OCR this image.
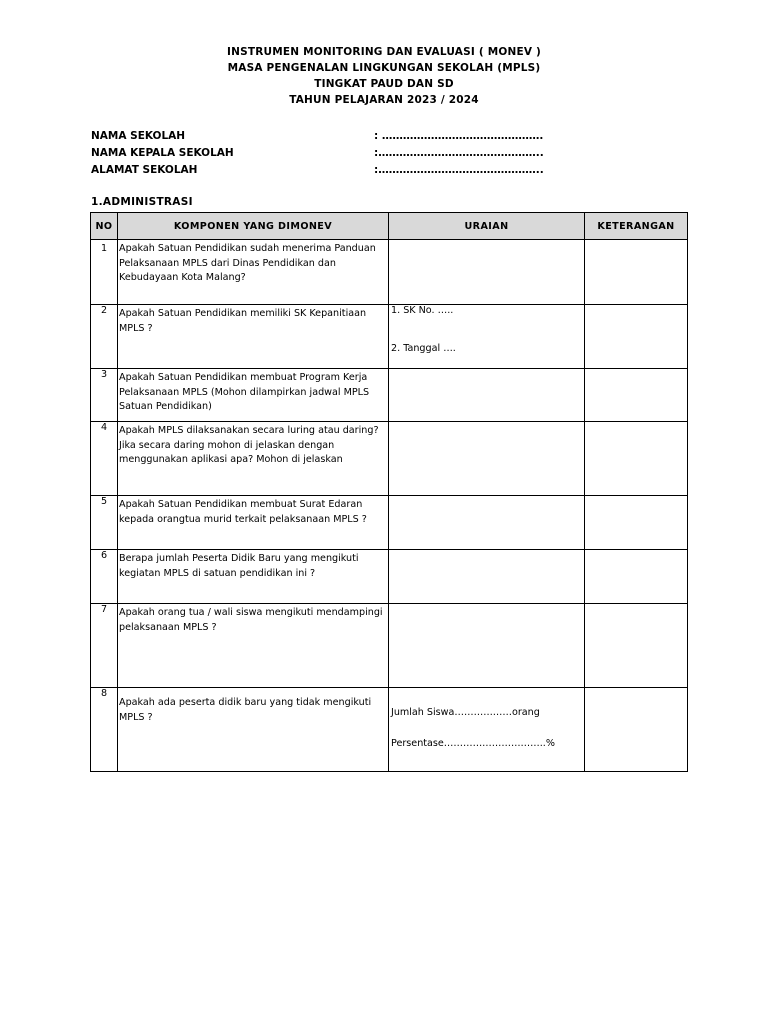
INSTRUMEN MONITORING DAN EVALUASI ( MONEV )
MASA PENGENALAN LINGKUNGAN SEKOLAH (MPLS)
TINGKAT PAUD DAN SD
TAHUN PELAJARAN 2023 / 2024
NAMA SEKOLAH	: ……………………………………….
NAMA KEPALA SEKOLAH	:………………………………………..
ALAMAT SEKOLAH	:………………………………………..
1.ADMINISTRASI
NO	KOMPONEN YANG DIMONEV	URAIAN	KETERANGAN
1	Apakah Satuan Pendidikan sudah menerima Panduan Pelaksanaan MPLS dari Dinas Pendidikan dan Kebudayaan Kota Malang?		

2	Apakah Satuan Pendidikan memiliki SK Kepanitiaan MPLS ?	1. SK No. …..
2. Tanggal ….	

3	Apakah Satuan Pendidikan membuat Program Kerja Pelaksanaan MPLS (Mohon dilampirkan jadwal MPLS Satuan Pendidikan)		

4	Apakah MPLS dilaksanakan secara luring atau daring?
Jika secara daring mohon di jelaskan dengan menggunakan aplikasi apa? Mohon di jelaskan		

5	Apakah Satuan Pendidikan membuat Surat Edaran kepada orangtua murid terkait pelaksanaan MPLS ?		

6	Berapa jumlah Peserta Didik Baru yang mengikuti kegiatan MPLS di satuan pendidikan ini ?		

7	Apakah orang tua / wali siswa mengikuti mendampingi pelaksanaan MPLS ?		

8	Apakah ada peserta didik baru yang tidak mengikuti MPLS ?	Jumlah Siswa………………orang
Persentase…………………………..%	
